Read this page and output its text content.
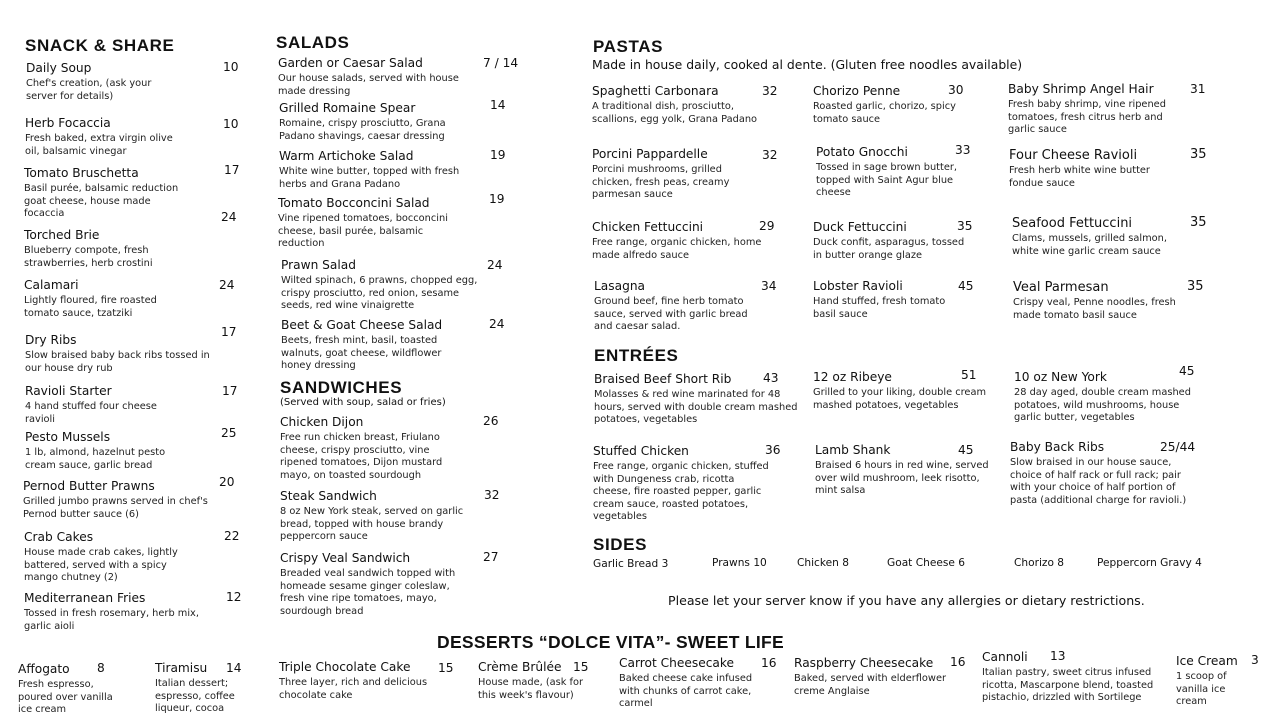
SNACK & SHARE
Daily Soup
Chef's creation, (ask your server for details)
10
Herb Focaccia
Fresh baked, extra virgin olive oil, balsamic vinegar
10
Tomato Bruschetta
Basil purée, balsamic reduction goat cheese, house made focaccia
17
Torched Brie
Blueberry compote, fresh strawberries, herb crostini
24
Calamari
Lightly floured, fire roasted tomato sauce, tzatziki
24
Dry Ribs
Slow braised baby back ribs tossed in our house dry rub
17
Ravioli Starter
4 hand stuffed four cheese ravioli
17
Pesto Mussels
1 lb, almond, hazelnut pesto cream sauce, garlic bread
25
Pernod Butter Prawns
Grilled jumbo prawns served in chef's Pernod butter sauce (6)
20
Crab Cakes
House made crab cakes, lightly battered, served with a spicy mango chutney (2)
22
Mediterranean Fries
Tossed in fresh rosemary, herb mix, garlic aioli
12
SALADS
Garden or Caesar Salad
Our house salads, served with house made dressing
7 / 14
Grilled Romaine Spear
Romaine, crispy prosciutto, Grana Padano shavings, caesar dressing
14
Warm Artichoke Salad
White wine butter, topped with fresh herbs and Grana Padano
19
Tomato Bocconcini Salad
Vine ripened tomatoes, bocconcini cheese, basil purée, balsamic reduction
19
Prawn Salad
Wilted spinach, 6 prawns, chopped egg, crispy prosciutto, red onion, sesame seeds, red wine vinaigrette
24
Beet & Goat Cheese Salad
Beets, fresh mint, basil, toasted walnuts, goat cheese, wildflower honey dressing
24
SANDWICHES
(Served with soup, salad or fries)
Chicken Dijon
Free run chicken breast, Friulano cheese, crispy prosciutto, vine ripened tomatoes, Dijon mustard mayo, on toasted sourdough
26
Steak Sandwich
8 oz New York steak, served on garlic bread, topped with house brandy peppercorn sauce
32
Crispy Veal Sandwich
Breaded veal sandwich topped with homeade sesame ginger coleslaw, fresh vine ripe tomatoes, mayo, sourdough bread
27
PASTAS
Made in house daily, cooked al dente. (Gluten free noodles available)
Spaghetti Carbonara
A traditional dish, prosciutto, scallions, egg yolk, Grana Padano
32	Chorizo Penne
Roasted garlic, chorizo, spicy tomato sauce
30	Baby Shrimp Angel Hair
Fresh baby shrimp, vine ripened tomatoes, fresh citrus herb and garlic sauce
31
Porcini Pappardelle
Porcini mushrooms, grilled chicken, fresh peas, creamy parmesan sauce
32	Potato Gnocchi
Tossed in sage brown butter, topped with Saint Agur blue cheese
33	Four Cheese Ravioli
Fresh herb white wine butter fondue sauce
35
Chicken Fettuccini
Free range, organic chicken, home made alfredo sauce
29	Duck Fettuccini
Duck confit, asparagus, tossed in butter orange glaze
35	Seafood Fettuccini
Clams, mussels, grilled salmon, white wine garlic cream sauce
35
Lasagna
Ground beef, fine herb tomato sauce, served with garlic bread and caesar salad.
34	Lobster Ravioli
Hand stuffed, fresh tomato basil sauce
45	Veal Parmesan
Crispy veal, Penne noodles, fresh made tomato basil sauce
35
ENTRÉES
Braised Beef Short Rib
Molasses & red wine marinated for 48 hours, served with double cream mashed potatoes, vegetables
43	12 oz Ribeye
Grilled to your liking, double cream mashed potatoes, vegetables
51	10 oz New York
28 day aged, double cream mashed potatoes, wild mushrooms, house garlic butter, vegetables
45
Stuffed Chicken
Free range, organic chicken, stuffed with Dungeness crab, ricotta cheese, fire roasted pepper, garlic cream sauce, roasted potatoes, vegetables
36	Lamb Shank
Braised 6 hours in red wine, served over wild mushroom, leek risotto, mint salsa
45	Baby Back Ribs
Slow braised in our house sauce, choice of half rack or full rack; pair with your choice of half portion of pasta (additional charge for ravioli.)
25/44
SIDES
Garlic Bread 3	Prawns 10	Chicken 8	Goat Cheese 6	Chorizo 8	Peppercorn Gravy 4
Please let your server know if you have any allergies or dietary restrictions.
DESSERTS “DOLCE VITA”- SWEET LIFE
Affogato
Fresh espresso, poured over vanilla ice cream
8	Tiramisu
Italian dessert; espresso, coffee liqueur, cocoa
14	Triple Chocolate Cake
Three layer, rich and delicious chocolate cake
15 Crème Brûlée
House made, (ask for this week's flavour)
15 Carrot Cheesecake
Baked cheese cake infused with chunks of carrot cake, carmel
16 Raspberry Cheesecake
Baked, served with elderflower creme Anglaise
16 Cannoli
Italian pastry, sweet citrus infused ricotta, Mascarpone blend, toasted pistachio, drizzled with Sortilege
13	Ice Cream
1 scoop of vanilla ice cream
3
